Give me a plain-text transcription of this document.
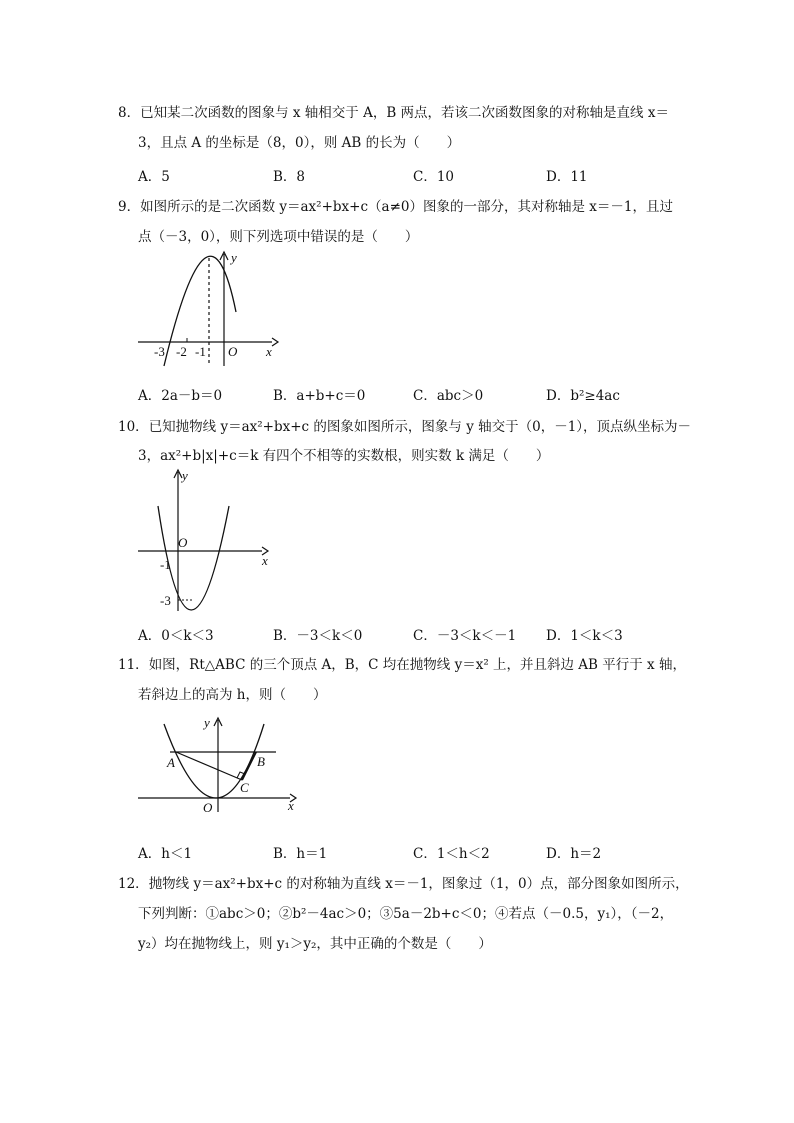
8．已知某二次函数的图象与 x 轴相交于 A，B 两点，若该二次函数图象的对称轴是直线 x＝
3，且点 A 的坐标是（8，0），则 AB 的长为（　　）
A．5	B．8	C．10	D．11
9．如图所示的是二次函数 y＝ax²+bx+c（a≠0）图象的一部分，其对称轴是 x＝－1，且过
点（－3，0），则下列选项中错误的是（　　）
y
x
O
-3 -2 -1
A．2a－b＝0	B．a+b+c＝0	C．abc＞0	D．b²≥4ac
10．已知抛物线 y＝ax²+bx+c 的图象如图所示，图象与 y 轴交于（0，－1），顶点纵坐标为－
3，ax²+b|x|+c＝k 有四个不相等的实数根，则实数 k 满足（　　）
y
x
O
-1
-3
A．0＜k＜3	B．－3＜k＜0	C．－3＜k＜－1 D．1＜k＜3
11．如图，Rt△ABC 的三个顶点 A，B，C 均在抛物线 y＝x² 上，并且斜边 AB 平行于 x 轴，
若斜边上的高为 h，则（　　）
y
x
O
A	B
C
A．h＜1	B．h＝1	C．1＜h＜2	D．h＝2
12．抛物线 y＝ax²+bx+c 的对称轴为直线 x＝－1，图象过（1，0）点，部分图象如图所示，
下列判断：①abc＞0；②b²－4ac＞0；③5a－2b+c＜0；④若点（－0.5，y₁），（－2，
y₂）均在抛物线上，则 y₁＞y₂，其中正确的个数是（　　）
